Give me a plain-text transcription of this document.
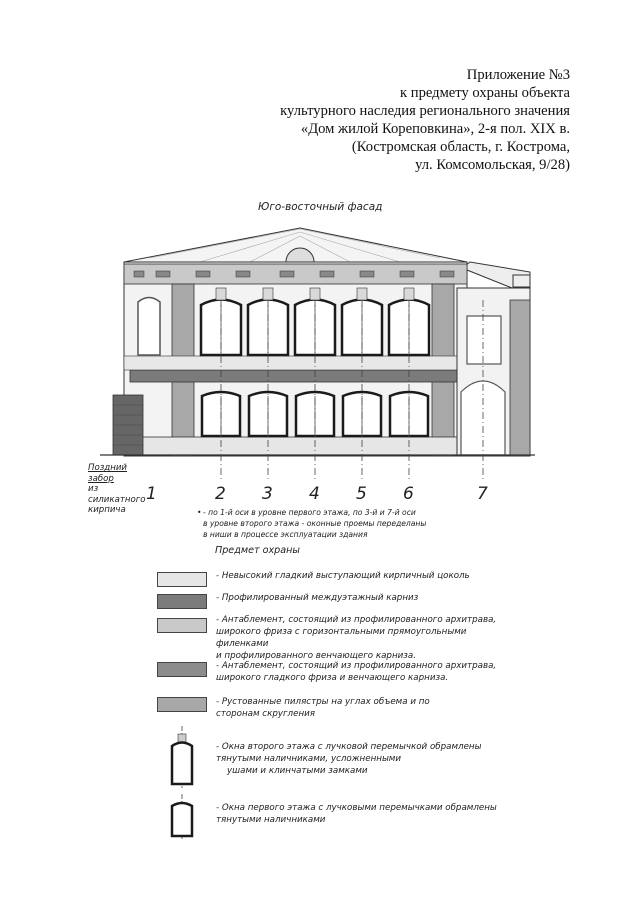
Приложение №3
к предмету охраны объекта
культурного наследия регионального значения
«Дом жилой Кореповкина», 2-я пол. XIX в.
(Костромская область, г. Кострома,
ул. Комсомольская, 9/28)
Юго-восточный фасад
1	2 3 4 5 6	7
Поздний забор
из
силикатного
кирпича	• - по 1-й оси в уровне первого этажа, по 3-й и 7-й оси
в уровне второго этажа - оконные проемы переделаны
в ниши в процессе эксплуатации здания
Предмет охраны
- Невысокий гладкий выступающий кирпичный цоколь
- Профилированный междуэтажный карниз
- Антаблемент, состоящий из профилированного архитрава,
широкого фриза с горизонтальными прямоугольными филенками
и профилированного венчающего карниза.
- Антаблемент, состоящий из профилированного архитрава,
широкого гладкого фриза и венчающего карниза.
- Рустованные пилястры на углах объема и по
сторонам скругления
- Окна второго этажа с лучковой перемычкой обрамлены
тянутыми наличниками, усложненными
ушами и клинчатыми замками
- Окна первого этажа с лучковыми перемычками обрамлены
тянутыми наличниками
